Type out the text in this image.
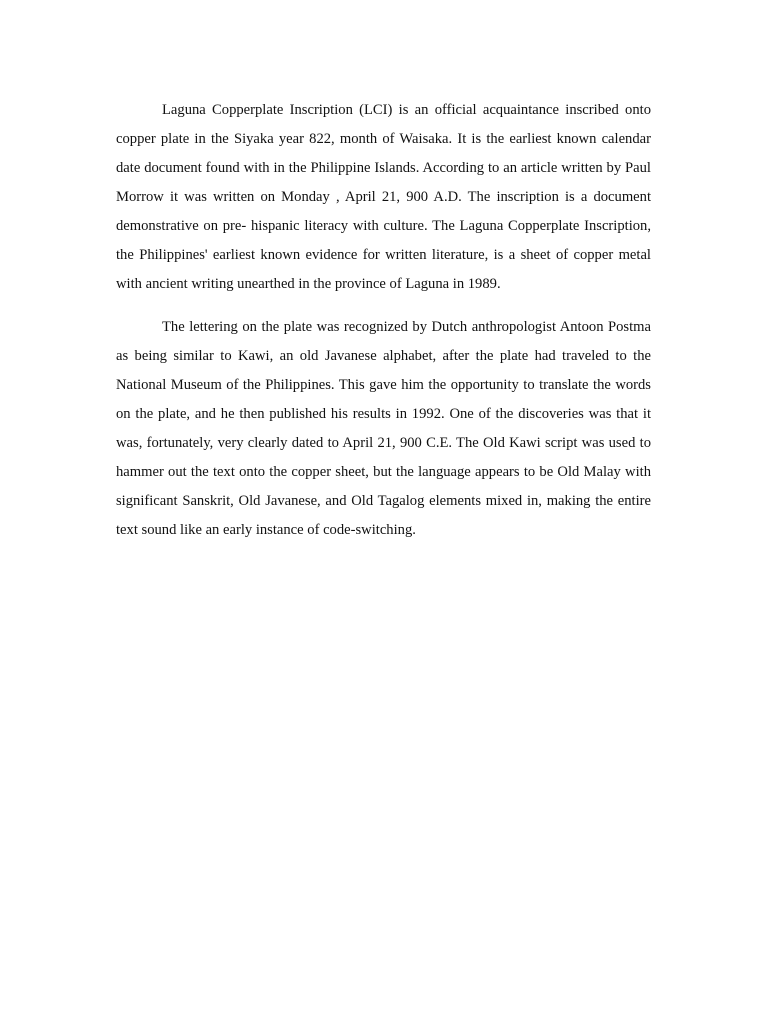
Laguna Copperplate Inscription (LCI) is an official acquaintance inscribed onto copper plate in the Siyaka year 822, month of Waisaka. It is the earliest known calendar date document found with in the Philippine Islands. According to an article written by Paul Morrow it was written on Monday , April 21, 900 A.D. The inscription is a document demonstrative on pre- hispanic literacy with culture. The Laguna Copperplate Inscription, the Philippines' earliest known evidence for written literature, is a sheet of copper metal with ancient writing unearthed in the province of Laguna in 1989.

The lettering on the plate was recognized by Dutch anthropologist Antoon Postma as being similar to Kawi, an old Javanese alphabet, after the plate had traveled to the National Museum of the Philippines. This gave him the opportunity to translate the words on the plate, and he then published his results in 1992. One of the discoveries was that it was, fortunately, very clearly dated to April 21, 900 C.E. The Old Kawi script was used to hammer out the text onto the copper sheet, but the language appears to be Old Malay with significant Sanskrit, Old Javanese, and Old Tagalog elements mixed in, making the entire text sound like an early instance of code-switching.
